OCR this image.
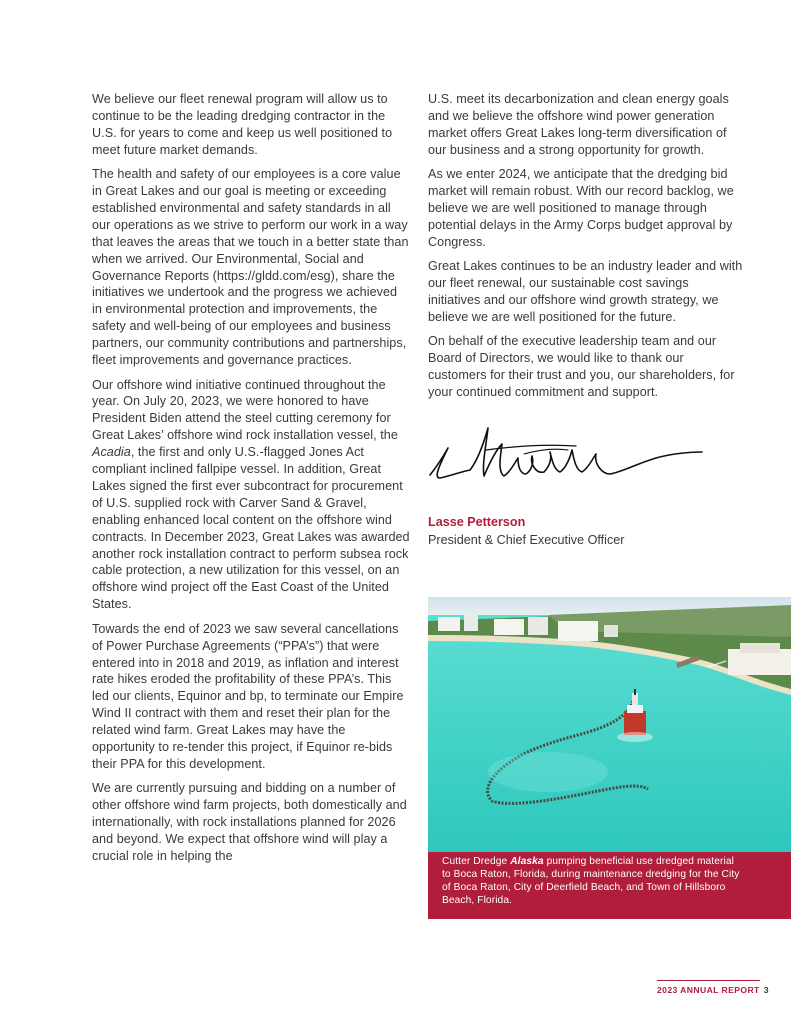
We believe our fleet renewal program will allow us to continue to be the leading dredging contractor in the U.S. for years to come and keep us well positioned to meet future market demands.

The health and safety of our employees is a core value in Great Lakes and our goal is meeting or exceeding established environmental and safety standards in all our operations as we strive to perform our work in a way that leaves the areas that we touch in a better state than when we arrived. Our Environmental, Social and Governance Reports (https://gldd.com/esg), share the initiatives we undertook and the progress we achieved in environmental protection and improvements, the safety and well-being of our employees and business partners, our community contributions and partnerships, fleet improvements and governance practices.

Our offshore wind initiative continued throughout the year. On July 20, 2023, we were honored to have President Biden attend the steel cutting ceremony for Great Lakes’ offshore wind rock installation vessel, the Acadia, the first and only U.S.-flagged Jones Act compliant inclined fallpipe vessel. In addition, Great Lakes signed the first ever subcontract for procurement of U.S. supplied rock with Carver Sand & Gravel, enabling enhanced local content on the offshore wind contracts. In December 2023, Great Lakes was awarded another rock installation contract to perform subsea rock cable protection, a new utilization for this vessel, on an offshore wind project off the East Coast of the United States.

Towards the end of 2023 we saw several cancellations of Power Purchase Agreements (“PPA’s”) that were entered into in 2018 and 2019, as inflation and interest rate hikes eroded the profitability of these PPA’s. This led our clients, Equinor and bp, to terminate our Empire Wind II contract with them and reset their plan for the related wind farm. Great Lakes may have the opportunity to re-tender this project, if Equinor re-bids their PPA for this development.

We are currently pursuing and bidding on a number of other offshore wind farm projects, both domestically and internationally, with rock installations planned for 2026 and beyond. We expect that offshore wind will play a crucial role in helping the

U.S. meet its decarbonization and clean energy goals and we believe the offshore wind power generation market offers Great Lakes long-term diversification of our business and a strong opportunity for growth.

As we enter 2024, we anticipate that the dredging bid market will remain robust. With our record backlog, we believe we are well positioned to manage through potential delays in the Army Corps budget approval by Congress.

Great Lakes continues to be an industry leader and with our fleet renewal, our sustainable cost savings initiatives and our offshore wind growth strategy, we believe we are well positioned for the future.

On behalf of the executive leadership team and our Board of Directors, we would like to thank our customers for their trust and you, our shareholders, for your continued commitment and support.

Lasse Petterson
President & Chief Executive Officer
Cutter Dredge Alaska pumping beneficial use dredged material to Boca Raton, Florida, during maintenance dredging for the City of Boca Raton, City of Deerfield Beach, and Town of Hillsboro Beach, Florida.
2023 ANNUAL REPORT 3
